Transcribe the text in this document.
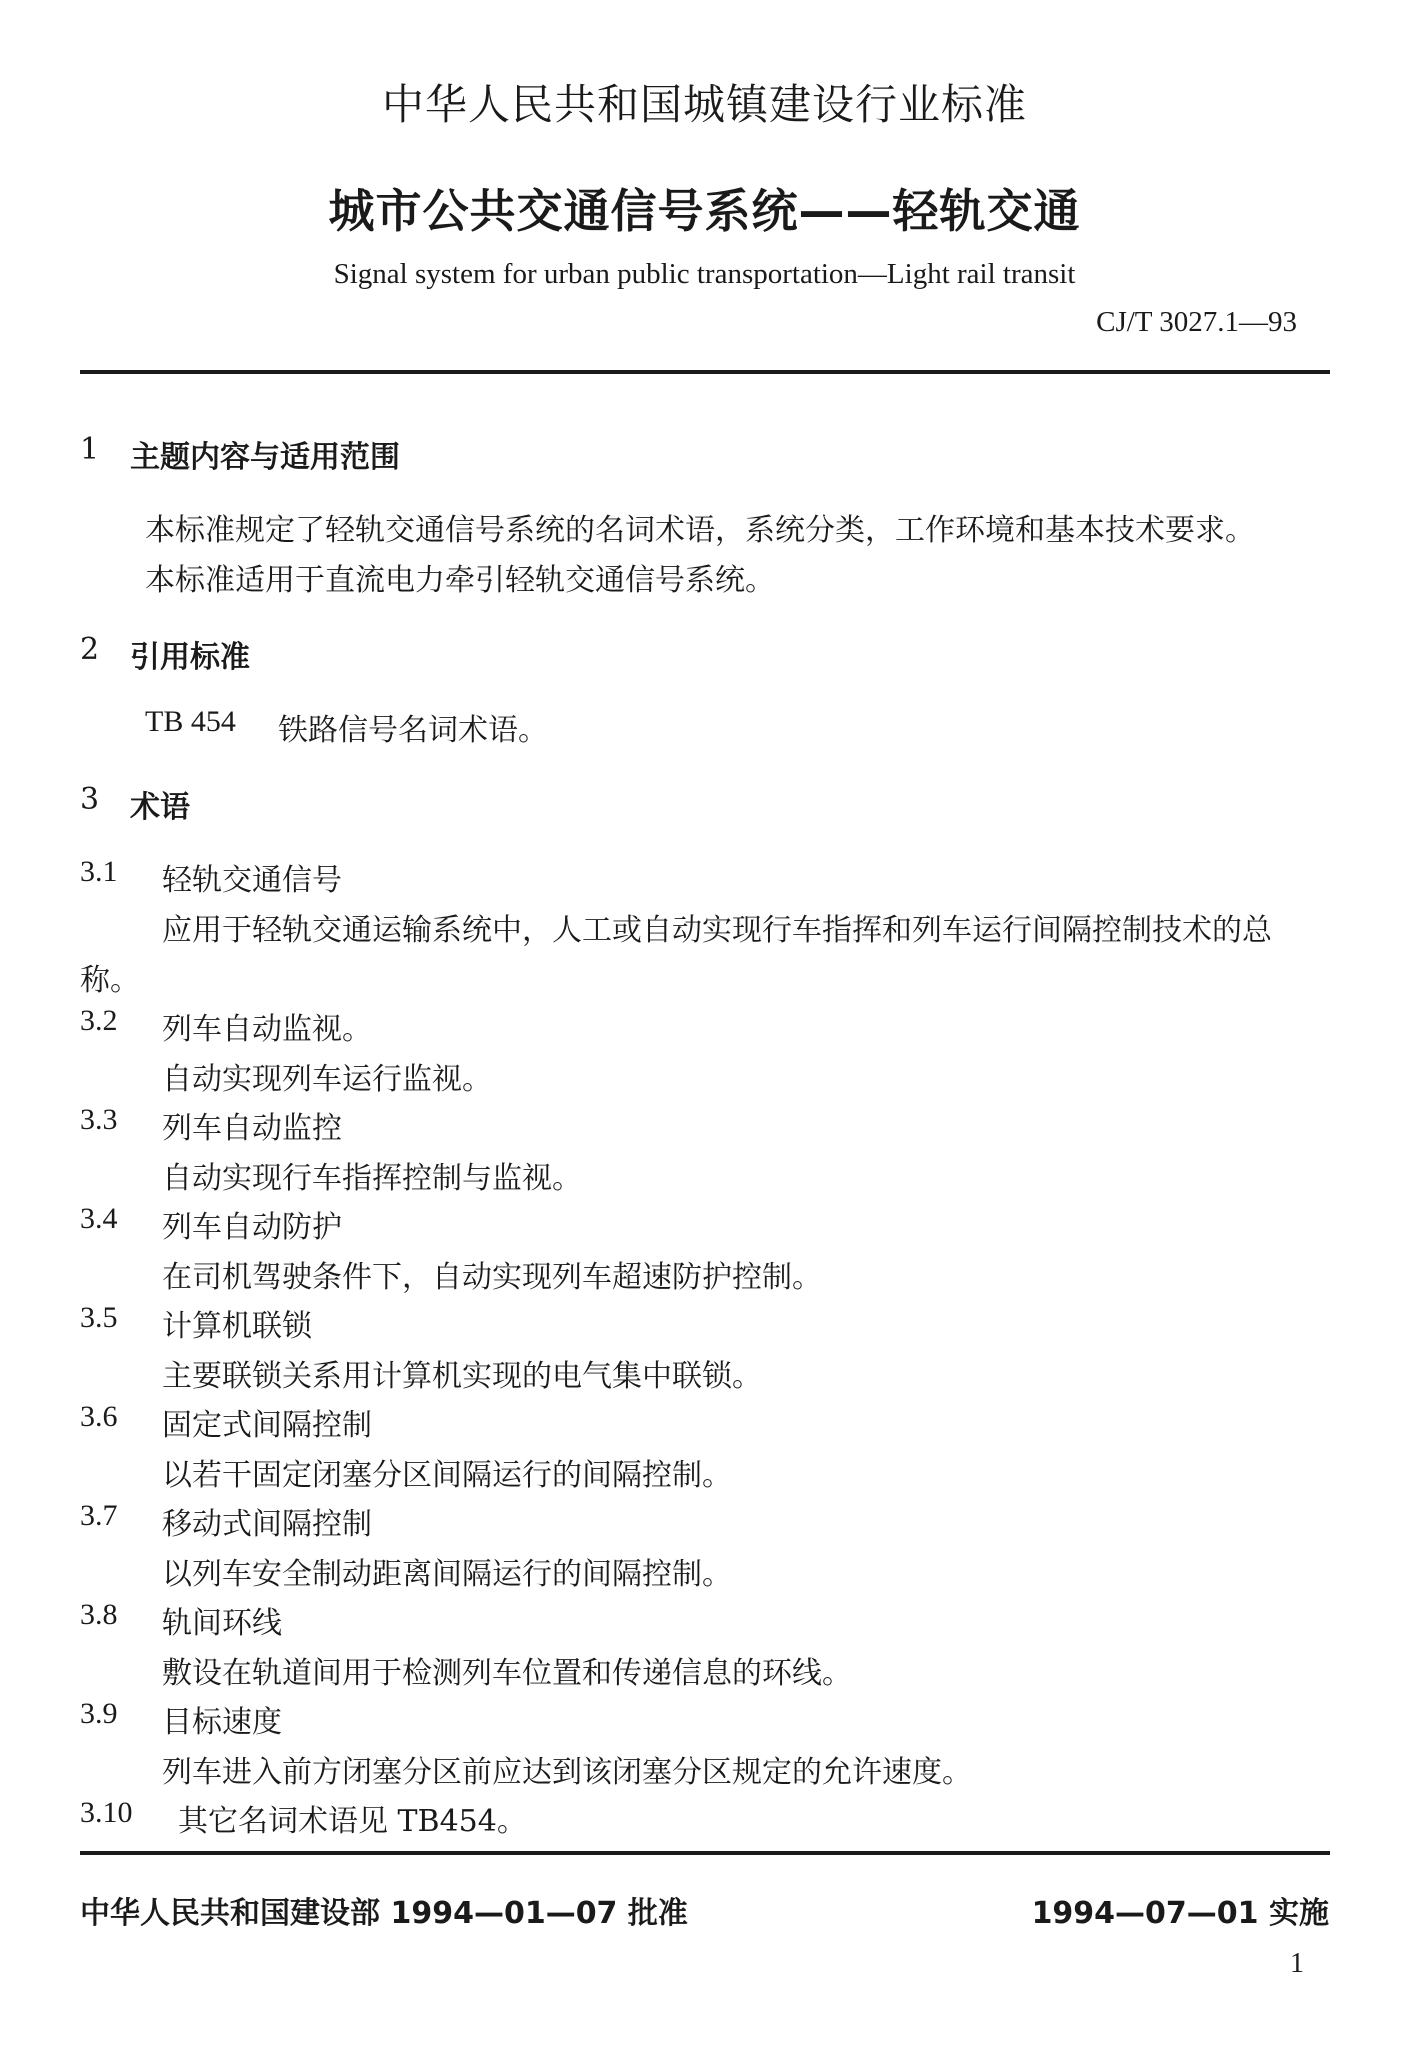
中华人民共和国城镇建设行业标准
城市公共交通信号系统——轻轨交通
Signal system for urban public transportation—Light rail transit
CJ/T 3027.1—93
1 主题内容与适用范围
本标准规定了轻轨交通信号系统的名词术语，系统分类，工作环境和基本技术要求。
本标准适用于直流电力牵引轻轨交通信号系统。
2 引用标准
TB 454 铁路信号名词术语。
3 术语
3.1 轻轨交通信号
应用于轻轨交通运输系统中，人工或自动实现行车指挥和列车运行间隔控制技术的总
称。
3.2 列车自动监视。
自动实现列车运行监视。
3.3 列车自动监控
自动实现行车指挥控制与监视。
3.4 列车自动防护
在司机驾驶条件下，自动实现列车超速防护控制。
3.5 计算机联锁
主要联锁关系用计算机实现的电气集中联锁。
3.6 固定式间隔控制
以若干固定闭塞分区间隔运行的间隔控制。
3.7 移动式间隔控制
以列车安全制动距离间隔运行的间隔控制。
3.8 轨间环线
敷设在轨道间用于检测列车位置和传递信息的环线。
3.9 目标速度
列车进入前方闭塞分区前应达到该闭塞分区规定的允许速度。
3.10 其它名词术语见 TB454。
中华人民共和国建设部 1994—01—07 批准	1994—07—01 实施
1
